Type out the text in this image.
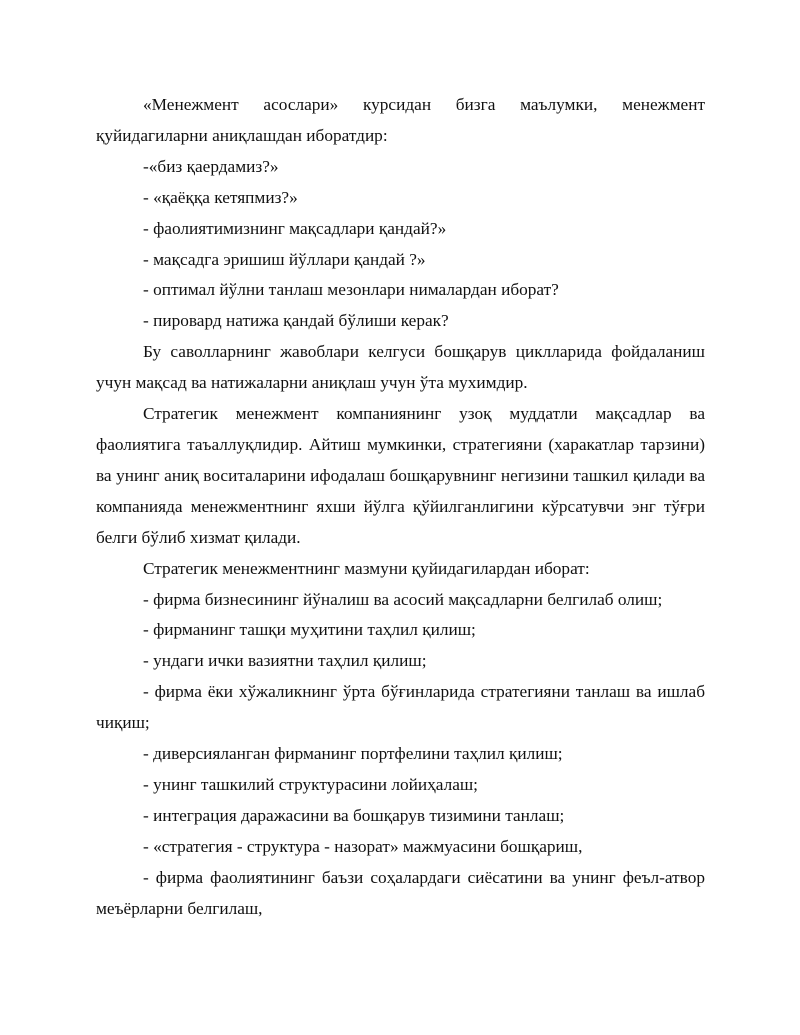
«Менежмент асослари» курсидан бизга маълумки, менежмент қуйидагиларни аниқлашдан иборатдир:

-«биз қаердамиз?»

- «қаёққа кетяпмиз?»

- фаолиятимизнинг мақсадлари қандай?»

- мақсадга эришиш йўллари қандай ?»

- оптимал йўлни танлаш мезонлари нималардан иборат?

- пировард натижа қандай бўлиши керак?

Бу саволларнинг жавоблари келгуси бошқарув циклларида фойдаланиш учун мақсад ва натижаларни аниқлаш учун ўта мухимдир.

Стратегик менежмент компаниянинг узоқ муддатли мақсадлар ва фаолиятига таъаллуқлидир. Айтиш мумкинки, стратегияни (харакатлар тарзини) ва унинг аниқ воситаларини ифодалаш бошқарувнинг негизини ташкил қилади ва компанияда менежментнинг яхши йўлга қўйилганлигини кўрсатувчи энг тўғри белги бўлиб хизмат қилади.

Стратегик менежментнинг мазмуни қуйидагилардан иборат:

- фирма бизнесининг йўналиш ва асосий мақсадларни белгилаб олиш;

- фирманинг ташқи муҳитини таҳлил қилиш;

- ундаги ички вазиятни таҳлил қилиш;

- фирма ёки хўжаликнинг ўрта бўғинларида стратегияни танлаш ва ишлаб чиқиш;

- диверсияланган фирманинг портфелини таҳлил қилиш;

- унинг ташкилий структурасини лойиҳалаш;

- интеграция даражасини ва бошқарув тизимини танлаш;

- «стратегия - структура - назорат» мажмуасини бошқариш,

- фирма фаолиятининг баъзи соҳалардаги сиёсатини ва унинг феъл-атвор меъёрларни белгилаш,
